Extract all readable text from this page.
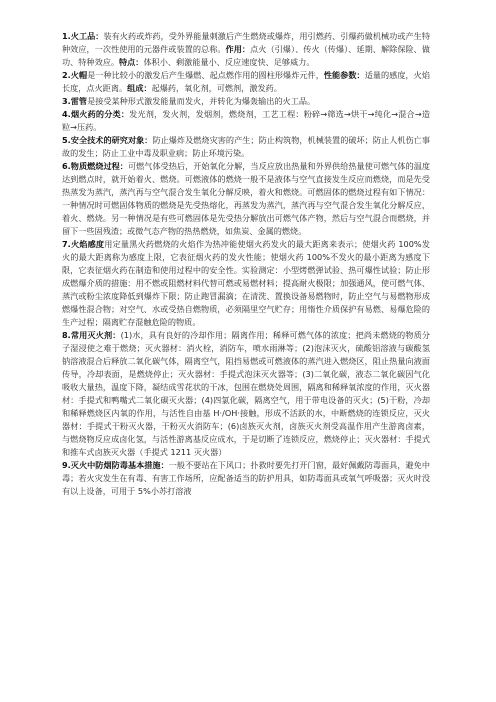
1.火工品：装有火药或炸药，受外界能量刺激后产生燃烧或爆炸，用引燃药、引爆药做机械功或产生特种效应，一次性使用的元器件或装置的总称。作用：点火（引爆）、传火（传爆）、延期、解除保险、做功、特种效应。特点：体积小、剩激能量小、反应速度快、足够威力。

2.火帽是一种比较小的激发后产生爆燃、起点燃作用的圆柱形爆炸元件，性能参数：适量的感度，火焰长度，点火距离。组成：起爆药，氧化剂，可燃剂，激发药。

3.雷管是接受某种形式激发能量而发火，并转化为爆轰输出的火工品。

4.烟火药的分类：发光剂，发火剂，发烟剂，燃烧剂，工艺工程：粉碎→筛选→烘干→纯化→混合→造粒→压药。

5.安全技术的研究对象：防止爆炸及燃烧灾害的产生；防止构筑物，机械装置的破坏；防止人机伤亡事故的发生；防止工业中毒及职业病；防止环境污染。

6.物质燃烧过程：可燃气体受热后，开始氧化分解，当反应放出热量和外界供给热量使可燃气体的温度达到燃点时，就开始着火、燃烧。可燃液体的燃烧一般不是液体与空气直接发生反应而燃烧，而是先受热蒸发为蒸汽，蒸汽再与空气混合发生氧化分解反映，着火和燃烧。可燃固体的燃烧过程有如下情况：一种情况时可燃固体物质的燃烧是先受热熔化，再蒸发为蒸汽，蒸汽再与空气混合发生氧化分解反应，着火、燃烧。另一种情况是有些可燃固体是先受热分解放出可燃气体产物，然后与空气混合而燃烧，并留下一些固残渣；或微气态产物的热热燃烧，如焦炭、金属的燃烧。

7.火焰感度用定量黑火药燃烧的火焰作为热冲能使烟火药发火的最大距离来表示；使烟火药 100%发火的最大距离称为感度上限，它表征烟火药的发火性能；使烟火药 100%不发火的最小距离为感度下限，它表征烟火药在制造和使用过程中的安全性。实验测定：小型烤燃弹试验、热可爆性试验；防止形成燃爆介质的措施：用不燃或阻燃材料代替可燃或易燃材料；提高耐火极限；加强通风，使可燃气体、蒸汽或粉尘浓度降低到爆炸下限；防止跑冒漏滴；在清洗、置换设备易燃物时，防止空气与易燃物形成燃爆性混合物；对空气、水或受热自燃物质，必须隔里空气贮存；用惰性介质保护有易燃、易爆危险的生产过程；隔离贮存混触危险的物质。

8.常用灭火剂：(1)水，具有良好的冷却作用；隔离作用；稀释可燃气体的浓度；把尚未燃烧的物质分子湿浸使之难于燃烧；灭火器材：消火栓，消防车，喷水雨淋等；(2)泡沫灭火，硫酸铝溶液与碳酸氢钠溶液混合后释放二氧化碳气体，隔离空气，阻挡易燃或可燃液体的蒸汽进入燃烧区，阻止热量向液面传导，冷却表面，是燃烧停止；灭火器材：手提式泡沫灭火器等；(3)二氧化碳，液态二氧化碳因气化吸收大量热，温度下降，凝结成雪花状的干冰，包围在燃烧处周围，隔离和稀释氧浓度的作用，灭火器材：手提式和鸭嘴式二氧化碳灭火器；(4)四氯化碳，隔离空气，用于带电设备的灭火；(5)干粉，冷却和稀释燃烧区内氧的作用，与活性自由基 H·/OH·接触，形成不活跃的水，中断燃烧的连锁反应，灭火器材：手提式干粉灭火器，干粉灭火消防车；(6)卤族灭火剂，卤族灭火剂受高温作用产生游离卤素，与燃烧物反应成卤化氢，与活性游离基反应成水，于是切断了连锁反应，燃烧停止；灭火器材：手提式和推车式卤族灭火器（手提式 1211 灭火器）

9.灭火中防烟防毒基本措施：一般不要站在下风口；扑救时要先打开门窗，最好佩戴防毒面具，避免中毒；若火灾发生在有毒、有害工作场所，应配备适当的防护用具，如防毒面具或氧气呼吸器；灭火时没有以上设备，可用于 5%小苏打溶液
